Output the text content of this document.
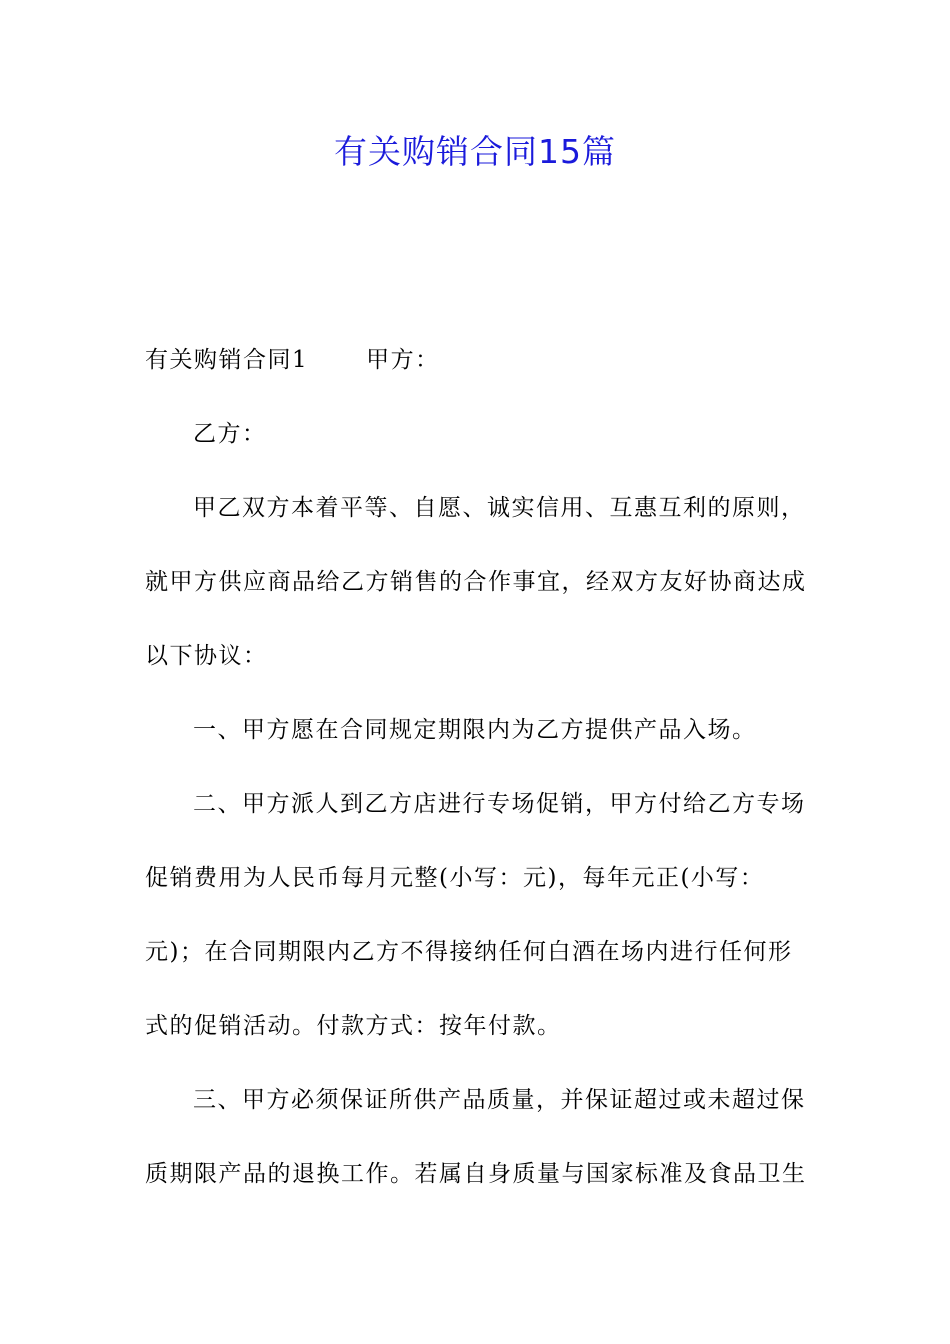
有关购销合同15篇

有关购销合同1	甲方：

乙方：

甲乙双方本着平等、自愿、诚实信用、互惠互利的原则，就甲方供应商品给乙方销售的合作事宜，经双方友好协商达成以下协议：

一、甲方愿在合同规定期限内为乙方提供产品入场。

二、甲方派人到乙方店进行专场促销，甲方付给乙方专场促销费用为人民币每月元整(小写：元)，每年元正(小写：元)；在合同期限内乙方不得接纳任何白酒在场内进行任何形式的促销活动。付款方式：按年付款。

三、甲方必须保证所供产品质量，并保证超过或未超过保质期限产品的退换工作。若属自身质量与国家标准及食品卫生
